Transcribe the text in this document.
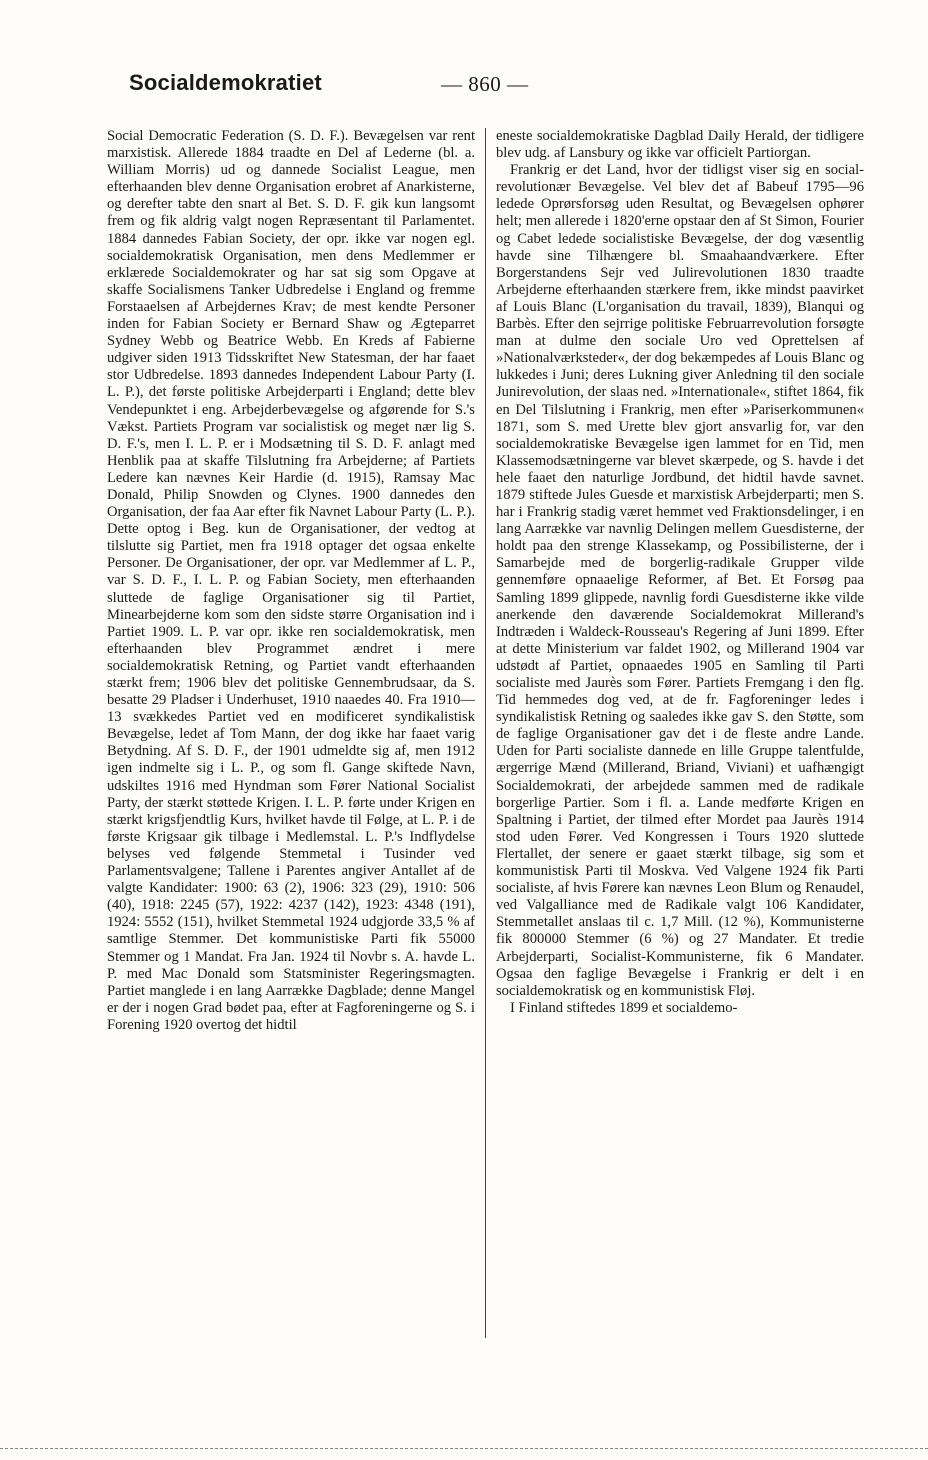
Socialdemokratiet	— 860 —

Social Democratic Federation (S. D. F.). Bevægelsen var rent marxistisk. Allerede 1884 traadte en Del af Lederne (bl. a. William Morris) ud og dannede Socialist League, men efterhaanden blev denne Organisation erobret af Anarkisterne, og derefter tabte den snart al Bet. S. D. F. gik kun langsomt frem og fik aldrig valgt nogen Repræsentant til Parlamentet. 1884 dannedes Fabian Society, der opr. ikke var nogen egl. socialdemokratisk Organisation, men dens Medlemmer er erklærede Socialdemokrater og har sat sig som Opgave at skaffe Socialismens Tanker Udbredelse i England og fremme Forstaaelsen af Arbejdernes Krav; de mest kendte Personer inden for Fabian Society er Bernard Shaw og Ægteparret Sydney Webb og Beatrice Webb. En Kreds af Fabierne udgiver siden 1913 Tidsskriftet New Statesman, der har faaet stor Udbredelse. 1893 dannedes Independent Labour Party (I. L. P.), det første politiske Arbejderparti i England; dette blev Vendepunktet i eng. Arbejderbevægelse og afgørende for S.'s Vækst. Partiets Program var socialistisk og meget nær lig S. D. F.'s, men I. L. P. er i Modsætning til S. D. F. anlagt med Henblik paa at skaffe Tilslutning fra Arbejderne; af Partiets Ledere kan nævnes Keir Hardie (d. 1915), Ramsay Mac Donald, Philip Snowden og Clynes. 1900 dannedes den Organisation, der faa Aar efter fik Navnet Labour Party (L. P.). Dette optog i Beg. kun de Organisationer, der vedtog at tilslutte sig Partiet, men fra 1918 optager det ogsaa enkelte Personer. De Organisationer, der opr. var Medlemmer af L. P., var S. D. F., I. L. P. og Fabian Society, men efterhaanden sluttede de faglige Organisationer sig til Partiet, Minearbejderne kom som den sidste større Organisation ind i Partiet 1909. L. P. var opr. ikke ren socialdemokratisk, men efterhaanden blev Programmet ændret i mere socialdemokratisk Retning, og Partiet vandt efterhaanden stærkt frem; 1906 blev det politiske Gennembrudsaar, da S. besatte 29 Pladser i Underhuset, 1910 naaedes 40. Fra 1910—13 svækkedes Partiet ved en modificeret syndikalistisk Bevægelse, ledet af Tom Mann, der dog ikke har faaet varig Betydning. Af S. D. F., der 1901 udmeldte sig af, men 1912 igen indmelte sig i L. P., og som fl. Gange skiftede Navn, udskiltes 1916 med Hyndman som Fører National Socialist Party, der stærkt støttede Krigen. I. L. P. førte under Krigen en stærkt krigsfjendtlig Kurs, hvilket havde til Følge, at L. P. i de første Krigsaar gik tilbage i Medlemstal. L. P.'s Indflydelse belyses ved følgende Stemmetal i Tusinder ved Parlamentsvalgene; Tallene i Parentes angiver Antallet af de valgte Kandidater: 1900: 63 (2), 1906: 323 (29), 1910: 506 (40), 1918: 2245 (57), 1922: 4237 (142), 1923: 4348 (191), 1924: 5552 (151), hvilket Stemmetal 1924 udgjorde 33,5 % af samtlige Stemmer. Det kommunistiske Parti fik 55000 Stemmer og 1 Mandat. Fra Jan. 1924 til Novbr s. A. havde L. P. med Mac Donald som Statsminister Regeringsmagten. Partiet manglede i en lang Aarrække Dagblade; denne Mangel er der i nogen Grad bødet paa, efter at Fagforeningerne og S. i Forening 1920 overtog det hidtil

eneste socialdemokratiske Dagblad Daily Herald, der tidligere blev udg. af Lansbury og ikke var officielt Partiorgan.

Frankrig er det Land, hvor der tidligst viser sig en social-revolutionær Bevægelse. Vel blev det af Babeuf 1795—96 ledede Oprørsforsøg uden Resultat, og Bevægelsen ophører helt; men allerede i 1820'erne opstaar den af St Simon, Fourier og Cabet ledede socialistiske Bevægelse, der dog væsentlig havde sine Tilhængere bl. Smaahaandværkere. Efter Borgerstandens Sejr ved Julirevolutionen 1830 traadte Arbejderne efterhaanden stærkere frem, ikke mindst paavirket af Louis Blanc (L'organisation du travail, 1839), Blanqui og Barbès. Efter den sejrrige politiske Februarrevolution forsøgte man at dulme den sociale Uro ved Oprettelsen af »Nationalværksteder«, der dog bekæmpedes af Louis Blanc og lukkedes i Juni; deres Lukning giver Anledning til den sociale Junirevolution, der slaas ned. »Internationale«, stiftet 1864, fik en Del Tilslutning i Frankrig, men efter »Pariserkommunen« 1871, som S. med Urette blev gjort ansvarlig for, var den socialdemokratiske Bevægelse igen lammet for en Tid, men Klassemodsætningerne var blevet skærpede, og S. havde i det hele faaet den naturlige Jordbund, det hidtil havde savnet. 1879 stiftede Jules Guesde et marxistisk Arbejderparti; men S. har i Frankrig stadig været hemmet ved Fraktionsdelinger, i en lang Aarrække var navnlig Delingen mellem Guesdisterne, der holdt paa den strenge Klassekamp, og Possibilisterne, der i Samarbejde med de borgerlig-radikale Grupper vilde gennemføre opnaaelige Reformer, af Bet. Et Forsøg paa Samling 1899 glippede, navnlig fordi Guesdisterne ikke vilde anerkende den daværende Socialdemokrat Millerand's Indtræden i Waldeck-Rousseau's Regering af Juni 1899. Efter at dette Ministerium var faldet 1902, og Millerand 1904 var udstødt af Partiet, opnaaedes 1905 en Samling til Parti socialiste med Jaurès som Fører. Partiets Fremgang i den flg. Tid hemmedes dog ved, at de fr. Fagforeninger ledes i syndikalistisk Retning og saaledes ikke gav S. den Støtte, som de faglige Organisationer gav det i de fleste andre Lande. Uden for Parti socialiste dannede en lille Gruppe talentfulde, ærgerrige Mænd (Millerand, Briand, Viviani) et uafhængigt Socialdemokrati, der arbejdede sammen med de radikale borgerlige Partier. Som i fl. a. Lande medførte Krigen en Spaltning i Partiet, der tilmed efter Mordet paa Jaurès 1914 stod uden Fører. Ved Kongressen i Tours 1920 sluttede Flertallet, der senere er gaaet stærkt tilbage, sig som et kommunistisk Parti til Moskva. Ved Valgene 1924 fik Parti socialiste, af hvis Førere kan nævnes Leon Blum og Renaudel, ved Valgalliance med de Radikale valgt 106 Kandidater, Stemmetallet anslaas til c. 1,7 Mill. (12 %), Kommunisterne fik 800000 Stemmer (6 %) og 27 Mandater. Et tredie Arbejderparti, Socialist-Kommunisterne, fik 6 Mandater. Ogsaa den faglige Bevægelse i Frankrig er delt i en socialdemokratisk og en kommunistisk Fløj.

I Finland stiftedes 1899 et socialdemo-
